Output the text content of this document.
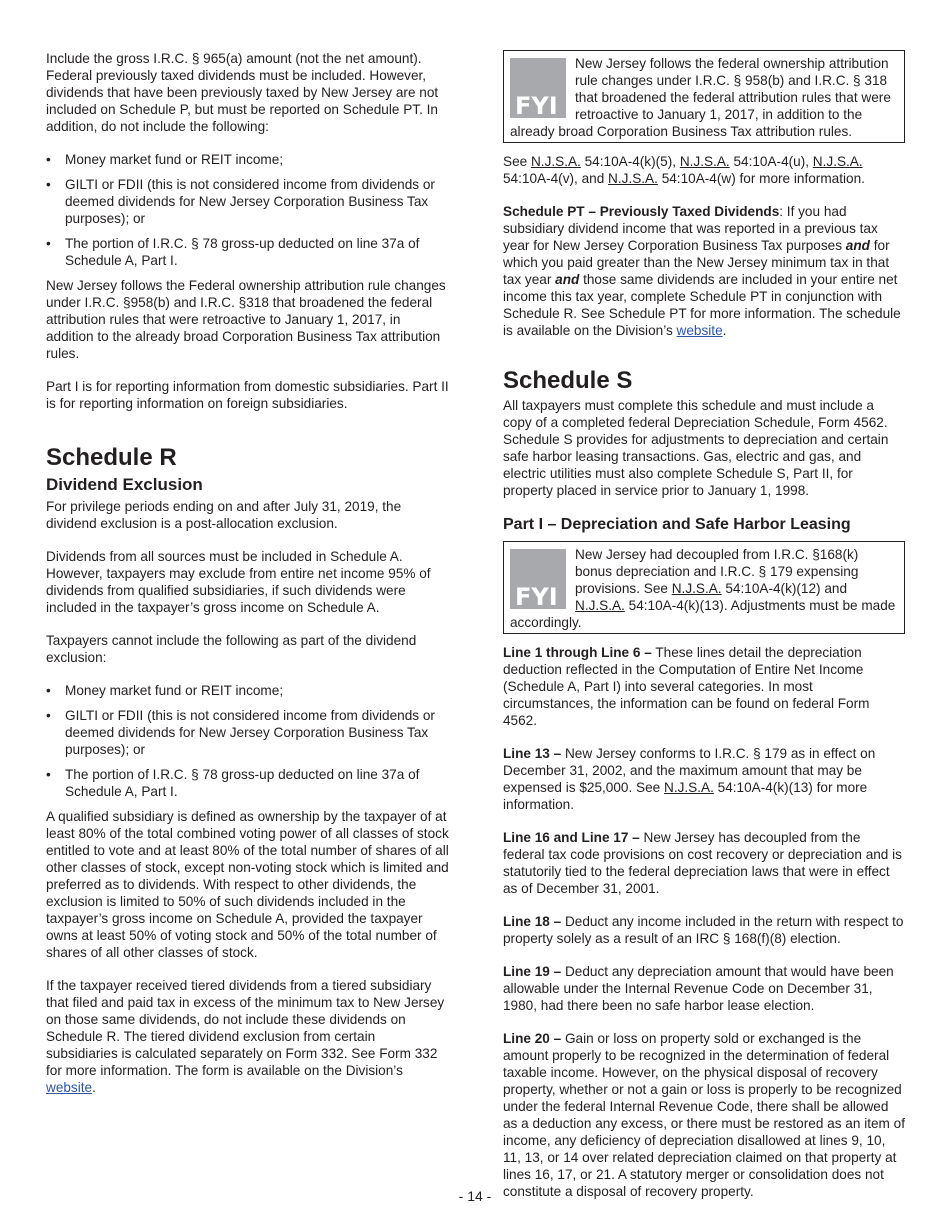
Include the gross I.R.C. § 965(a) amount (not the net amount). Federal previously taxed dividends must be included. However, dividends that have been previously taxed by New Jersey are not included on Schedule P, but must be reported on Schedule PT. In addition, do not include the following:

• Money market fund or REIT income;
• GILTI or FDII (this is not considered income from dividends or deemed dividends for New Jersey Corporation Business Tax purposes); or
• The portion of I.R.C. § 78 gross-up deducted on line 37a of Schedule A, Part I.

New Jersey follows the Federal ownership attribution rule changes under I.R.C. §958(b) and I.R.C. §318 that broadened the federal attribution rules that were retroactive to January 1, 2017, in addition to the already broad Corporation Business Tax attribution rules.

Part I is for reporting information from domestic subsidiaries. Part II is for reporting information on foreign subsidiaries.

Schedule R
Dividend Exclusion

For privilege periods ending on and after July 31, 2019, the dividend exclusion is a post-allocation exclusion.

Dividends from all sources must be included in Schedule A. However, taxpayers may exclude from entire net income 95% of dividends from qualified subsidiaries, if such dividends were included in the taxpayer’s gross income on Schedule A.

Taxpayers cannot include the following as part of the dividend exclusion:

• Money market fund or REIT income;
• GILTI or FDII (this is not considered income from dividends or deemed dividends for New Jersey Corporation Business Tax purposes); or
• The portion of I.R.C. § 78 gross-up deducted on line 37a of Schedule A, Part I.

A qualified subsidiary is defined as ownership by the taxpayer of at least 80% of the total combined voting power of all classes of stock entitled to vote and at least 80% of the total number of shares of all other classes of stock, except non-voting stock which is limited and preferred as to dividends. With respect to other dividends, the exclusion is limited to 50% of such dividends included in the taxpayer’s gross income on Schedule A, provided the taxpayer owns at least 50% of voting stock and 50% of the total number of shares of all other classes of stock.

If the taxpayer received tiered dividends from a tiered subsidiary that filed and paid tax in excess of the minimum tax to New Jersey on those same dividends, do not include these dividends on Schedule R. The tiered dividend exclusion from certain subsidiaries is calculated separately on Form 332. See Form 332 for more information. The form is available on the Division’s website.

FYI
New Jersey follows the federal ownership attribution rule changes under I.R.C. § 958(b) and I.R.C. § 318 that broadened the federal attribution rules that were retroactive to January 1, 2017, in addition to the already broad Corporation Business Tax attribution rules.

See N.J.S.A. 54:10A-4(k)(5), N.J.S.A. 54:10A-4(u), N.J.S.A. 54:10A-4(v), and N.J.S.A. 54:10A-4(w) for more information.

Schedule PT – Previously Taxed Dividends: If you had subsidiary dividend income that was reported in a previous tax year for New Jersey Corporation Business Tax purposes and for which you paid greater than the New Jersey minimum tax in that tax year and those same dividends are included in your entire net income this tax year, complete Schedule PT in conjunction with Schedule R. See Schedule PT for more information. The schedule is available on the Division’s website.

Schedule S

All taxpayers must complete this schedule and must include a copy of a completed federal Depreciation Schedule, Form 4562. Schedule S provides for adjustments to depreciation and certain safe harbor leasing transactions. Gas, electric and gas, and electric utilities must also complete Schedule S, Part II, for property placed in service prior to January 1, 1998.

Part I – Depreciation and Safe Harbor Leasing
FYI
New Jersey had decoupled from I.R.C. §168(k) bonus depreciation and I.R.C. § 179 expensing provisions. See N.J.S.A. 54:10A-4(k)(12) and N.J.S.A. 54:10A-4(k)(13). Adjustments must be made accordingly.

Line 1 through Line 6 – These lines detail the depreciation deduction reflected in the Computation of Entire Net Income (Schedule A, Part I) into several categories. In most circumstances, the information can be found on federal Form 4562.

Line 13 – New Jersey conforms to I.R.C. § 179 as in effect on December 31, 2002, and the maximum amount that may be expensed is $25,000. See N.J.S.A. 54:10A-4(k)(13) for more information.

Line 16 and Line 17 – New Jersey has decoupled from the federal tax code provisions on cost recovery or depreciation and is statutorily tied to the federal depreciation laws that were in effect as of December 31, 2001.

Line 18 – Deduct any income included in the return with respect to property solely as a result of an IRC § 168(f)(8) election.

Line 19 – Deduct any depreciation amount that would have been allowable under the Internal Revenue Code on December 31, 1980, had there been no safe harbor lease election.

Line 20 – Gain or loss on property sold or exchanged is the amount properly to be recognized in the determination of federal taxable income. However, on the physical disposal of recovery property, whether or not a gain or loss is properly to be recognized under the federal Internal Revenue Code, there shall be allowed as a deduction any excess, or there must be restored as an item of income, any deficiency of depreciation disallowed at lines 9, 10, 11, 13, or 14 over related depreciation claimed on that property at lines 16, 17, or 21. A statutory merger or consolidation does not constitute a disposal of recovery property.

- 14 -
